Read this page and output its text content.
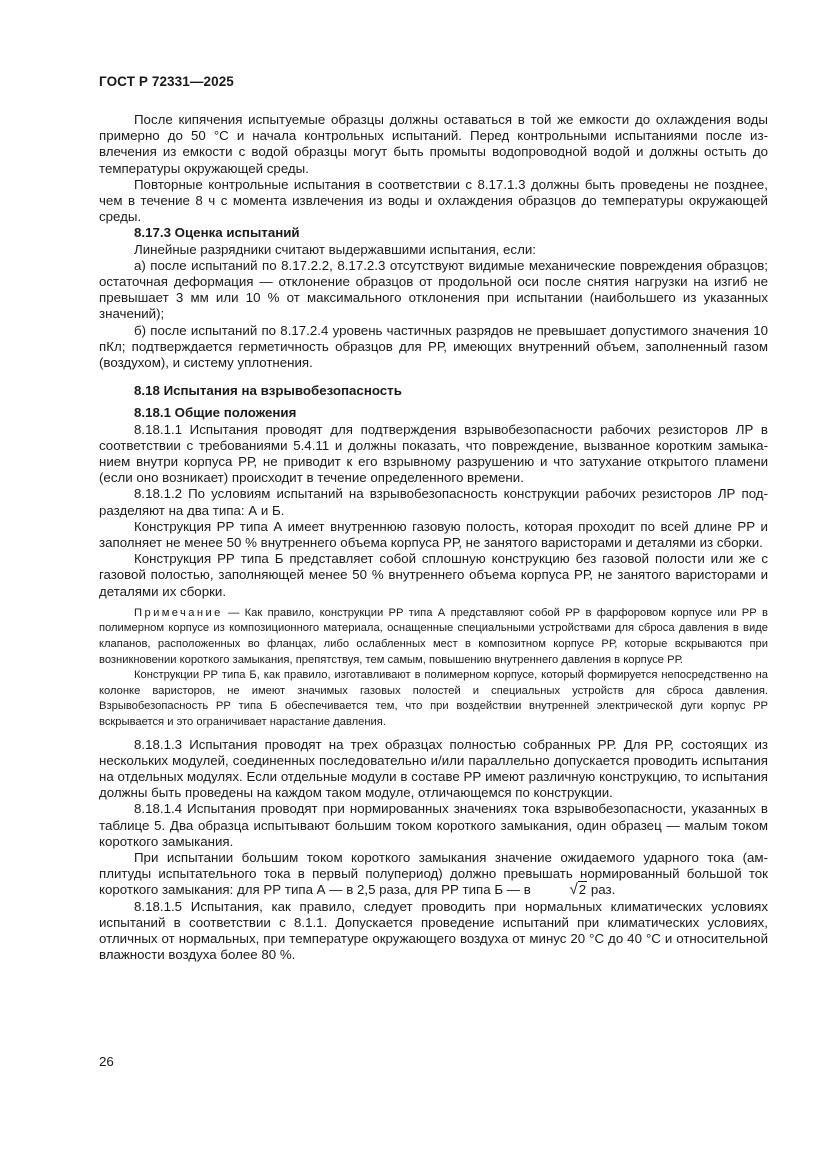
ГОСТ Р 72331—2025

После кипячения испытуемые образцы должны оставаться в той же емкости до охлаждения воды примерно до 50 °С и начала контрольных испытаний. Перед контрольными испытаниями после извлечения из емкости с водой образцы могут быть промыты водопроводной водой и должны остыть до температуры окружающей среды.

Повторные контрольные испытания в соответствии с 8.17.1.3 должны быть проведены не позднее, чем в течение 8 ч с момента извлечения из воды и охлаждения образцов до температуры окружающей среды.

8.17.3 Оценка испытаний

Линейные разрядники считают выдержавшими испытания, если:

а) после испытаний по 8.17.2.2, 8.17.2.3 отсутствуют видимые механические повреждения образцов; остаточная деформация — отклонение образцов от продольной оси после снятия нагрузки на изгиб не превышает 3 мм или 10 % от максимального отклонения при испытании (наибольшего из указанных значений);

б) после испытаний по 8.17.2.4 уровень частичных разрядов не превышает допустимого значения 10 пКл; подтверждается герметичность образцов для РР, имеющих внутренний объем, заполненный газом (воздухом), и систему уплотнения.

8.18 Испытания на взрывобезопасность

8.18.1 Общие положения

8.18.1.1 Испытания проводят для подтверждения взрывобезопасности рабочих резисторов ЛР в соответствии с требованиями 5.4.11 и должны показать, что повреждение, вызванное коротким замыканием внутри корпуса РР, не приводит к его взрывному разрушению и что затухание открытого пламени (если оно возникает) происходит в течение определенного времени.

8.18.1.2 По условиям испытаний на взрывобезопасность конструкции рабочих резисторов ЛР подразделяют на два типа: А и Б.

Конструкция РР типа А имеет внутреннюю газовую полость, которая проходит по всей длине РР и заполняет не менее 50 % внутреннего объема корпуса РР, не занятого варисторами и деталями из сборки.

Конструкция РР типа Б представляет собой сплошную конструкцию без газовой полости или же с газовой полостью, заполняющей менее 50 % внутреннего объема корпуса РР, не занятого варисторами и деталями их сборки.

Примечание — Как правило, конструкции РР типа А представляют собой РР в фарфоровом корпусе или РР в полимерном корпусе из композиционного материала, оснащенные специальными устройствами для сброса давления в виде клапанов, расположенных во фланцах, либо ослабленных мест в композитном корпусе РР, которые вскрываются при возникновении короткого замыкания, препятствуя, тем самым, повышению внутреннего давления в корпусе РР.

Конструкции РР типа Б, как правило, изготавливают в полимерном корпусе, который формируется непосредственно на колонке варисторов, не имеют значимых газовых полостей и специальных устройств для сброса давления. Взрывобезопасность РР типа Б обеспечивается тем, что при воздействии внутренней электрической дуги корпус РР вскрывается и это ограничивает нарастание давления.

8.18.1.3 Испытания проводят на трех образцах полностью собранных РР. Для РР, состоящих из нескольких модулей, соединенных последовательно и/или параллельно допускается проводить испытания на отдельных модулях. Если отдельные модули в составе РР имеют различную конструкцию, то испытания должны быть проведены на каждом таком модуле, отличающемся по конструкции.

8.18.1.4 Испытания проводят при нормированных значениях тока взрывобезопасности, указанных в таблице 5. Два образца испытывают большим током короткого замыкания, один образец — малым током короткого замыкания.

При испытании большим током короткого замыкания значение ожидаемого ударного тока (амплитуды испытательного тока в первый полупериод) должно превышать нормированный большой ток короткого замыкания: для РР типа А — в 2,5 раза, для РР типа Б — в √2 раз.

8.18.1.5 Испытания, как правило, следует проводить при нормальных климатических условиях испытаний в соответствии с 8.1.1. Допускается проведение испытаний при климатических условиях, отличных от нормальных, при температуре окружающего воздуха от минус 20 °С до 40 °С и относительной влажности воздуха более 80 %.

26
